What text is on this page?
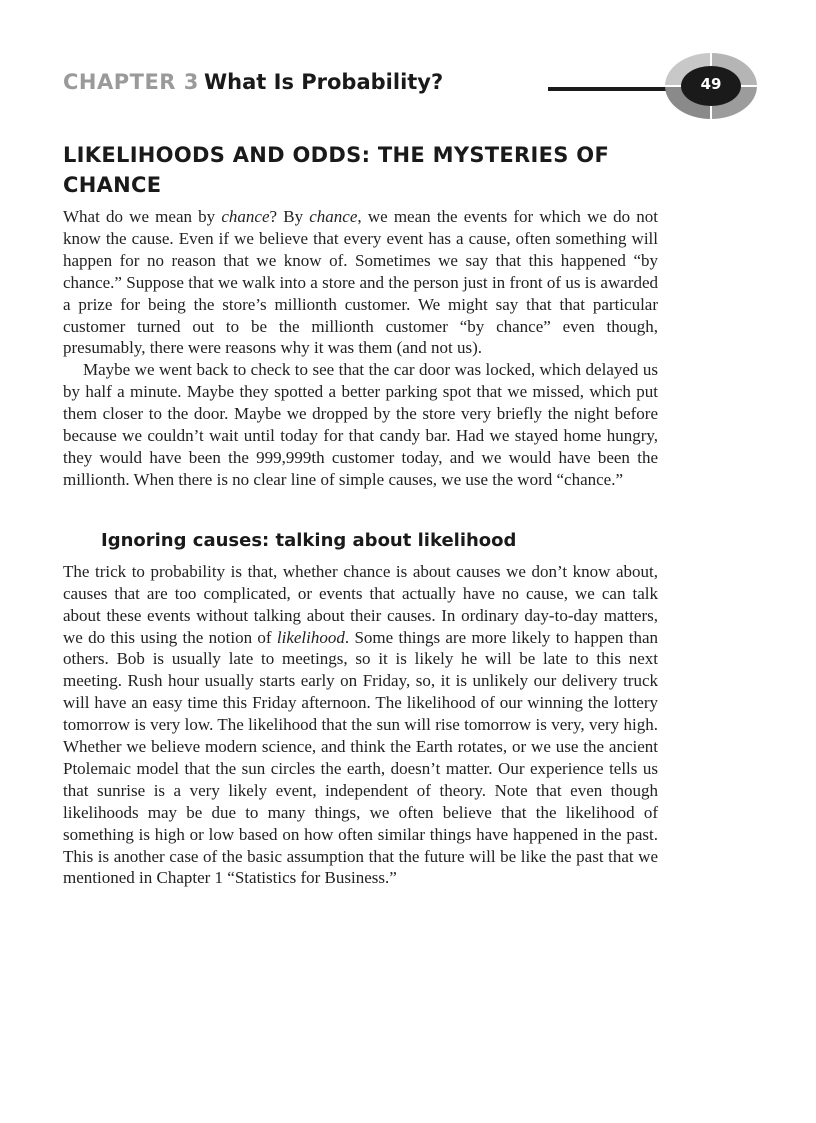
CHAPTER 3 What Is Probability?	49
LIKELIHOODS AND ODDS: THE MYSTERIES OF CHANCE

What do we mean by chance? By chance, we mean the events for which we do not know the cause. Even if we believe that every event has a cause, often something will happen for no reason that we know of. Sometimes we say that this happened “by chance.” Suppose that we walk into a store and the person just in front of us is awarded a prize for being the store’s millionth customer. We might say that that particular customer turned out to be the millionth customer “by chance” even though, presumably, there were reasons why it was them (and not us).

Maybe we went back to check to see that the car door was locked, which delayed us by half a minute. Maybe they spotted a better parking spot that we missed, which put them closer to the door. Maybe we dropped by the store very briefly the night before because we couldn’t wait until today for that candy bar. Had we stayed home hungry, they would have been the 999,999th customer today, and we would have been the millionth. When there is no clear line of simple causes, we use the word “chance.”

Ignoring causes: talking about likelihood

The trick to probability is that, whether chance is about causes we don’t know about, causes that are too complicated, or events that actually have no cause, we can talk about these events without talking about their causes. In ordinary day-to-day matters, we do this using the notion of likelihood. Some things are more likely to happen than others. Bob is usually late to meetings, so it is likely he will be late to this next meeting. Rush hour usually starts early on Friday, so, it is unlikely our delivery truck will have an easy time this Friday afternoon. The likelihood of our winning the lottery tomorrow is very low. The likelihood that the sun will rise tomorrow is very, very high. Whether we believe modern science, and think the Earth rotates, or we use the ancient Ptolemaic model that the sun circles the earth, doesn’t matter. Our experience tells us that sunrise is a very likely event, independent of theory. Note that even though likelihoods may be due to many things, we often believe that the likelihood of something is high or low based on how often similar things have happened in the past. This is another case of the basic assumption that the future will be like the past that we mentioned in Chapter 1 “Statistics for Business.”
